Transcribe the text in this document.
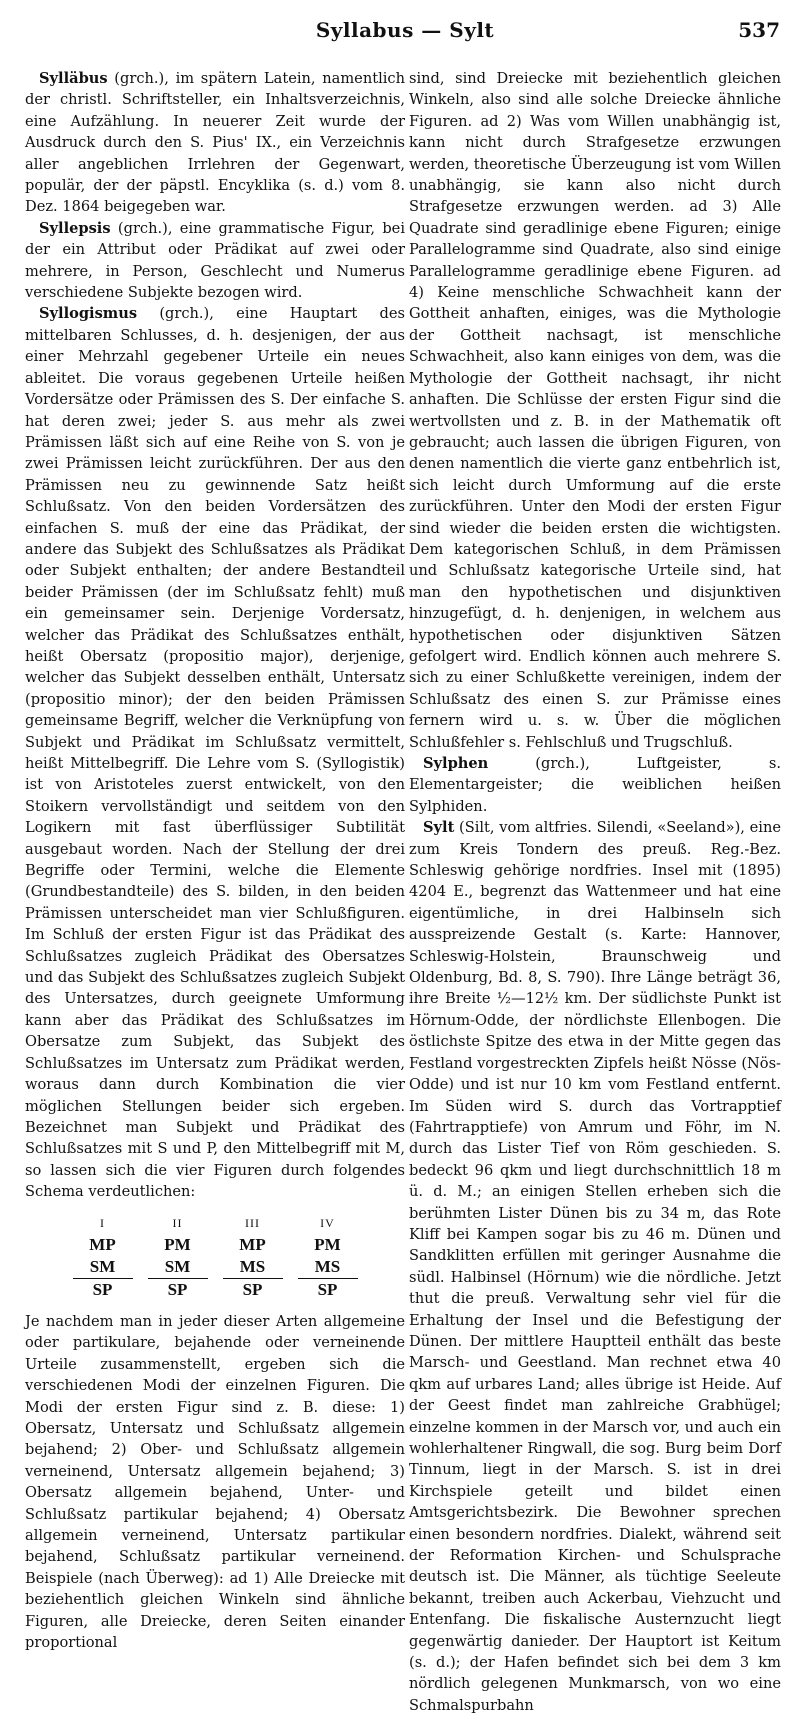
Syllabus — Sylt	537

Sylläbus (grch.), im spätern Latein, namentlich der christl. Schriftsteller, ein Inhaltsverzeichnis, eine Aufzählung. In neuerer Zeit wurde der Ausdruck durch den S. Pius' IX., ein Verzeichnis aller angeblichen Irrlehren der Gegenwart, populär, der der päpstl. Encyklika (s. d.) vom 8. Dez. 1864 beigegeben war.

Syllepsis (grch.), eine grammatische Figur, bei der ein Attribut oder Prädikat auf zwei oder mehrere, in Person, Geschlecht und Numerus verschiedene Subjekte bezogen wird.

Syllogismus (grch.), eine Hauptart des mittelbaren Schlusses, d. h. desjenigen, der aus einer Mehrzahl gegebener Urteile ein neues ableitet. Die voraus gegebenen Urteile heißen Vordersätze oder Prämissen des S. Der einfache S. hat deren zwei; jeder S. aus mehr als zwei Prämissen läßt sich auf eine Reihe von S. von je zwei Prämissen leicht zurückführen. Der aus den Prämissen neu zu gewinnende Satz heißt Schlußsatz. Von den beiden Vordersätzen des einfachen S. muß der eine das Prädikat, der andere das Subjekt des Schlußsatzes als Prädikat oder Subjekt enthalten; der andere Bestandteil beider Prämissen (der im Schlußsatz fehlt) muß ein gemeinsamer sein. Derjenige Vordersatz, welcher das Prädikat des Schlußsatzes enthält, heißt Obersatz (propositio major), derjenige, welcher das Subjekt desselben enthält, Untersatz (propositio minor); der den beiden Prämissen gemeinsame Begriff, welcher die Verknüpfung von Subjekt und Prädikat im Schlußsatz vermittelt, heißt Mittelbegriff. Die Lehre vom S. (Syllogistik) ist von Aristoteles zuerst entwickelt, von den Stoikern vervollständigt und seitdem von den Logikern mit fast überflüssiger Subtilität ausgebaut worden. Nach der Stellung der drei Begriffe oder Termini, welche die Elemente (Grundbestandteile) des S. bilden, in den beiden Prämissen unterscheidet man vier Schlußfiguren. Im Schluß der ersten Figur ist das Prädikat des Schlußsatzes zugleich Prädikat des Obersatzes und das Subjekt des Schlußsatzes zugleich Subjekt des Untersatzes, durch geeignete Umformung kann aber das Prädikat des Schlußsatzes im Obersatze zum Subjekt, das Subjekt des Schlußsatzes im Untersatz zum Prädikat werden, woraus dann durch Kombination die vier möglichen Stellungen beider sich ergeben. Bezeichnet man Subjekt und Prädikat des Schlußsatzes mit S und P, den Mittelbegriff mit M, so lassen sich die vier Figuren durch folgendes Schema verdeutlichen:

I	II	III	IV
MP	PM	MP	PM
SM	SM	MS	MS
SP	SP	SP	SP

Je nachdem man in jeder dieser Arten allgemeine oder partikulare, bejahende oder verneinende Urteile zusammenstellt, ergeben sich die verschiedenen Modi der einzelnen Figuren. Die Modi der ersten Figur sind z. B. diese: 1) Obersatz, Untersatz und Schlußsatz allgemein bejahend; 2) Ober- und Schlußsatz allgemein verneinend, Untersatz allgemein bejahend; 3) Obersatz allgemein bejahend, Unter- und Schlußsatz partikular bejahend; 4) Obersatz allgemein verneinend, Untersatz partikular bejahend, Schlußsatz partikular verneinend. Beispiele (nach Überweg): ad 1) Alle Dreiecke mit beziehentlich gleichen Winkeln sind ähnliche Figuren, alle Dreiecke, deren Seiten einander proportional

sind, sind Dreiecke mit beziehentlich gleichen Winkeln, also sind alle solche Dreiecke ähnliche Figuren. ad 2) Was vom Willen unabhängig ist, kann nicht durch Strafgesetze erzwungen werden, theoretische Überzeugung ist vom Willen unabhängig, sie kann also nicht durch Strafgesetze erzwungen werden. ad 3) Alle Quadrate sind geradlinige ebene Figuren; einige Parallelogramme sind Quadrate, also sind einige Parallelogramme geradlinige ebene Figuren. ad 4) Keine menschliche Schwachheit kann der Gottheit anhaften, einiges, was die Mythologie der Gottheit nachsagt, ist menschliche Schwachheit, also kann einiges von dem, was die Mythologie der Gottheit nachsagt, ihr nicht anhaften. Die Schlüsse der ersten Figur sind die wertvollsten und z. B. in der Mathematik oft gebraucht; auch lassen die übrigen Figuren, von denen namentlich die vierte ganz entbehrlich ist, sich leicht durch Umformung auf die erste zurückführen. Unter den Modi der ersten Figur sind wieder die beiden ersten die wichtigsten. Dem kategorischen Schluß, in dem Prämissen und Schlußsatz kategorische Urteile sind, hat man den hypothetischen und disjunktiven hinzugefügt, d. h. denjenigen, in welchem aus hypothetischen oder disjunktiven Sätzen gefolgert wird. Endlich können auch mehrere S. sich zu einer Schlußkette vereinigen, indem der Schlußsatz des einen S. zur Prämisse eines fernern wird u. s. w. Über die möglichen Schlußfehler s. Fehlschluß und Trugschluß.

Sylphen (grch.), Luftgeister, s. Elementargeister; die weiblichen heißen Sylphiden.

Sylt (Silt, vom altfries. Silendi, «Seeland»), eine zum Kreis Tondern des preuß. Reg.-Bez. Schleswig gehörige nordfries. Insel mit (1895) 4204 E., begrenzt das Wattenmeer und hat eine eigentümliche, in drei Halbinseln sich ausspreizende Gestalt (s. Karte: Hannover, Schleswig-Holstein, Braunschweig und Oldenburg, Bd. 8, S. 790). Ihre Länge beträgt 36, ihre Breite ½—12½ km. Der südlichste Punkt ist Hörnum-Odde, der nördlichste Ellenbogen. Die östlichste Spitze des etwa in der Mitte gegen das Festland vorgestreckten Zipfels heißt Nösse (Nös-Odde) und ist nur 10 km vom Festland entfernt. Im Süden wird S. durch das Vortrapptief (Fahrtrapptiefe) von Amrum und Föhr, im N. durch das Lister Tief von Röm geschieden. S. bedeckt 96 qkm und liegt durchschnittlich 18 m ü. d. M.; an einigen Stellen erheben sich die berühmten Lister Dünen bis zu 34 m, das Rote Kliff bei Kampen sogar bis zu 46 m. Dünen und Sandklitten erfüllen mit geringer Ausnahme die südl. Halbinsel (Hörnum) wie die nördliche. Jetzt thut die preuß. Verwaltung sehr viel für die Erhaltung der Insel und die Befestigung der Dünen. Der mittlere Hauptteil enthält das beste Marsch- und Geestland. Man rechnet etwa 40 qkm auf urbares Land; alles übrige ist Heide. Auf der Geest findet man zahlreiche Grabhügel; einzelne kommen in der Marsch vor, und auch ein wohlerhaltener Ringwall, die sog. Burg beim Dorf Tinnum, liegt in der Marsch. S. ist in drei Kirchspiele geteilt und bildet einen Amtsgerichtsbezirk. Die Bewohner sprechen einen besondern nordfries. Dialekt, während seit der Reformation Kirchen- und Schulsprache deutsch ist. Die Männer, als tüchtige Seeleute bekannt, treiben auch Ackerbau, Viehzucht und Entenfang. Die fiskalische Austernzucht liegt gegenwärtig danieder. Der Hauptort ist Keitum (s. d.); der Hafen befindet sich bei dem 3 km nördlich gelegenen Munkmarsch, von wo eine Schmalspurbahn
